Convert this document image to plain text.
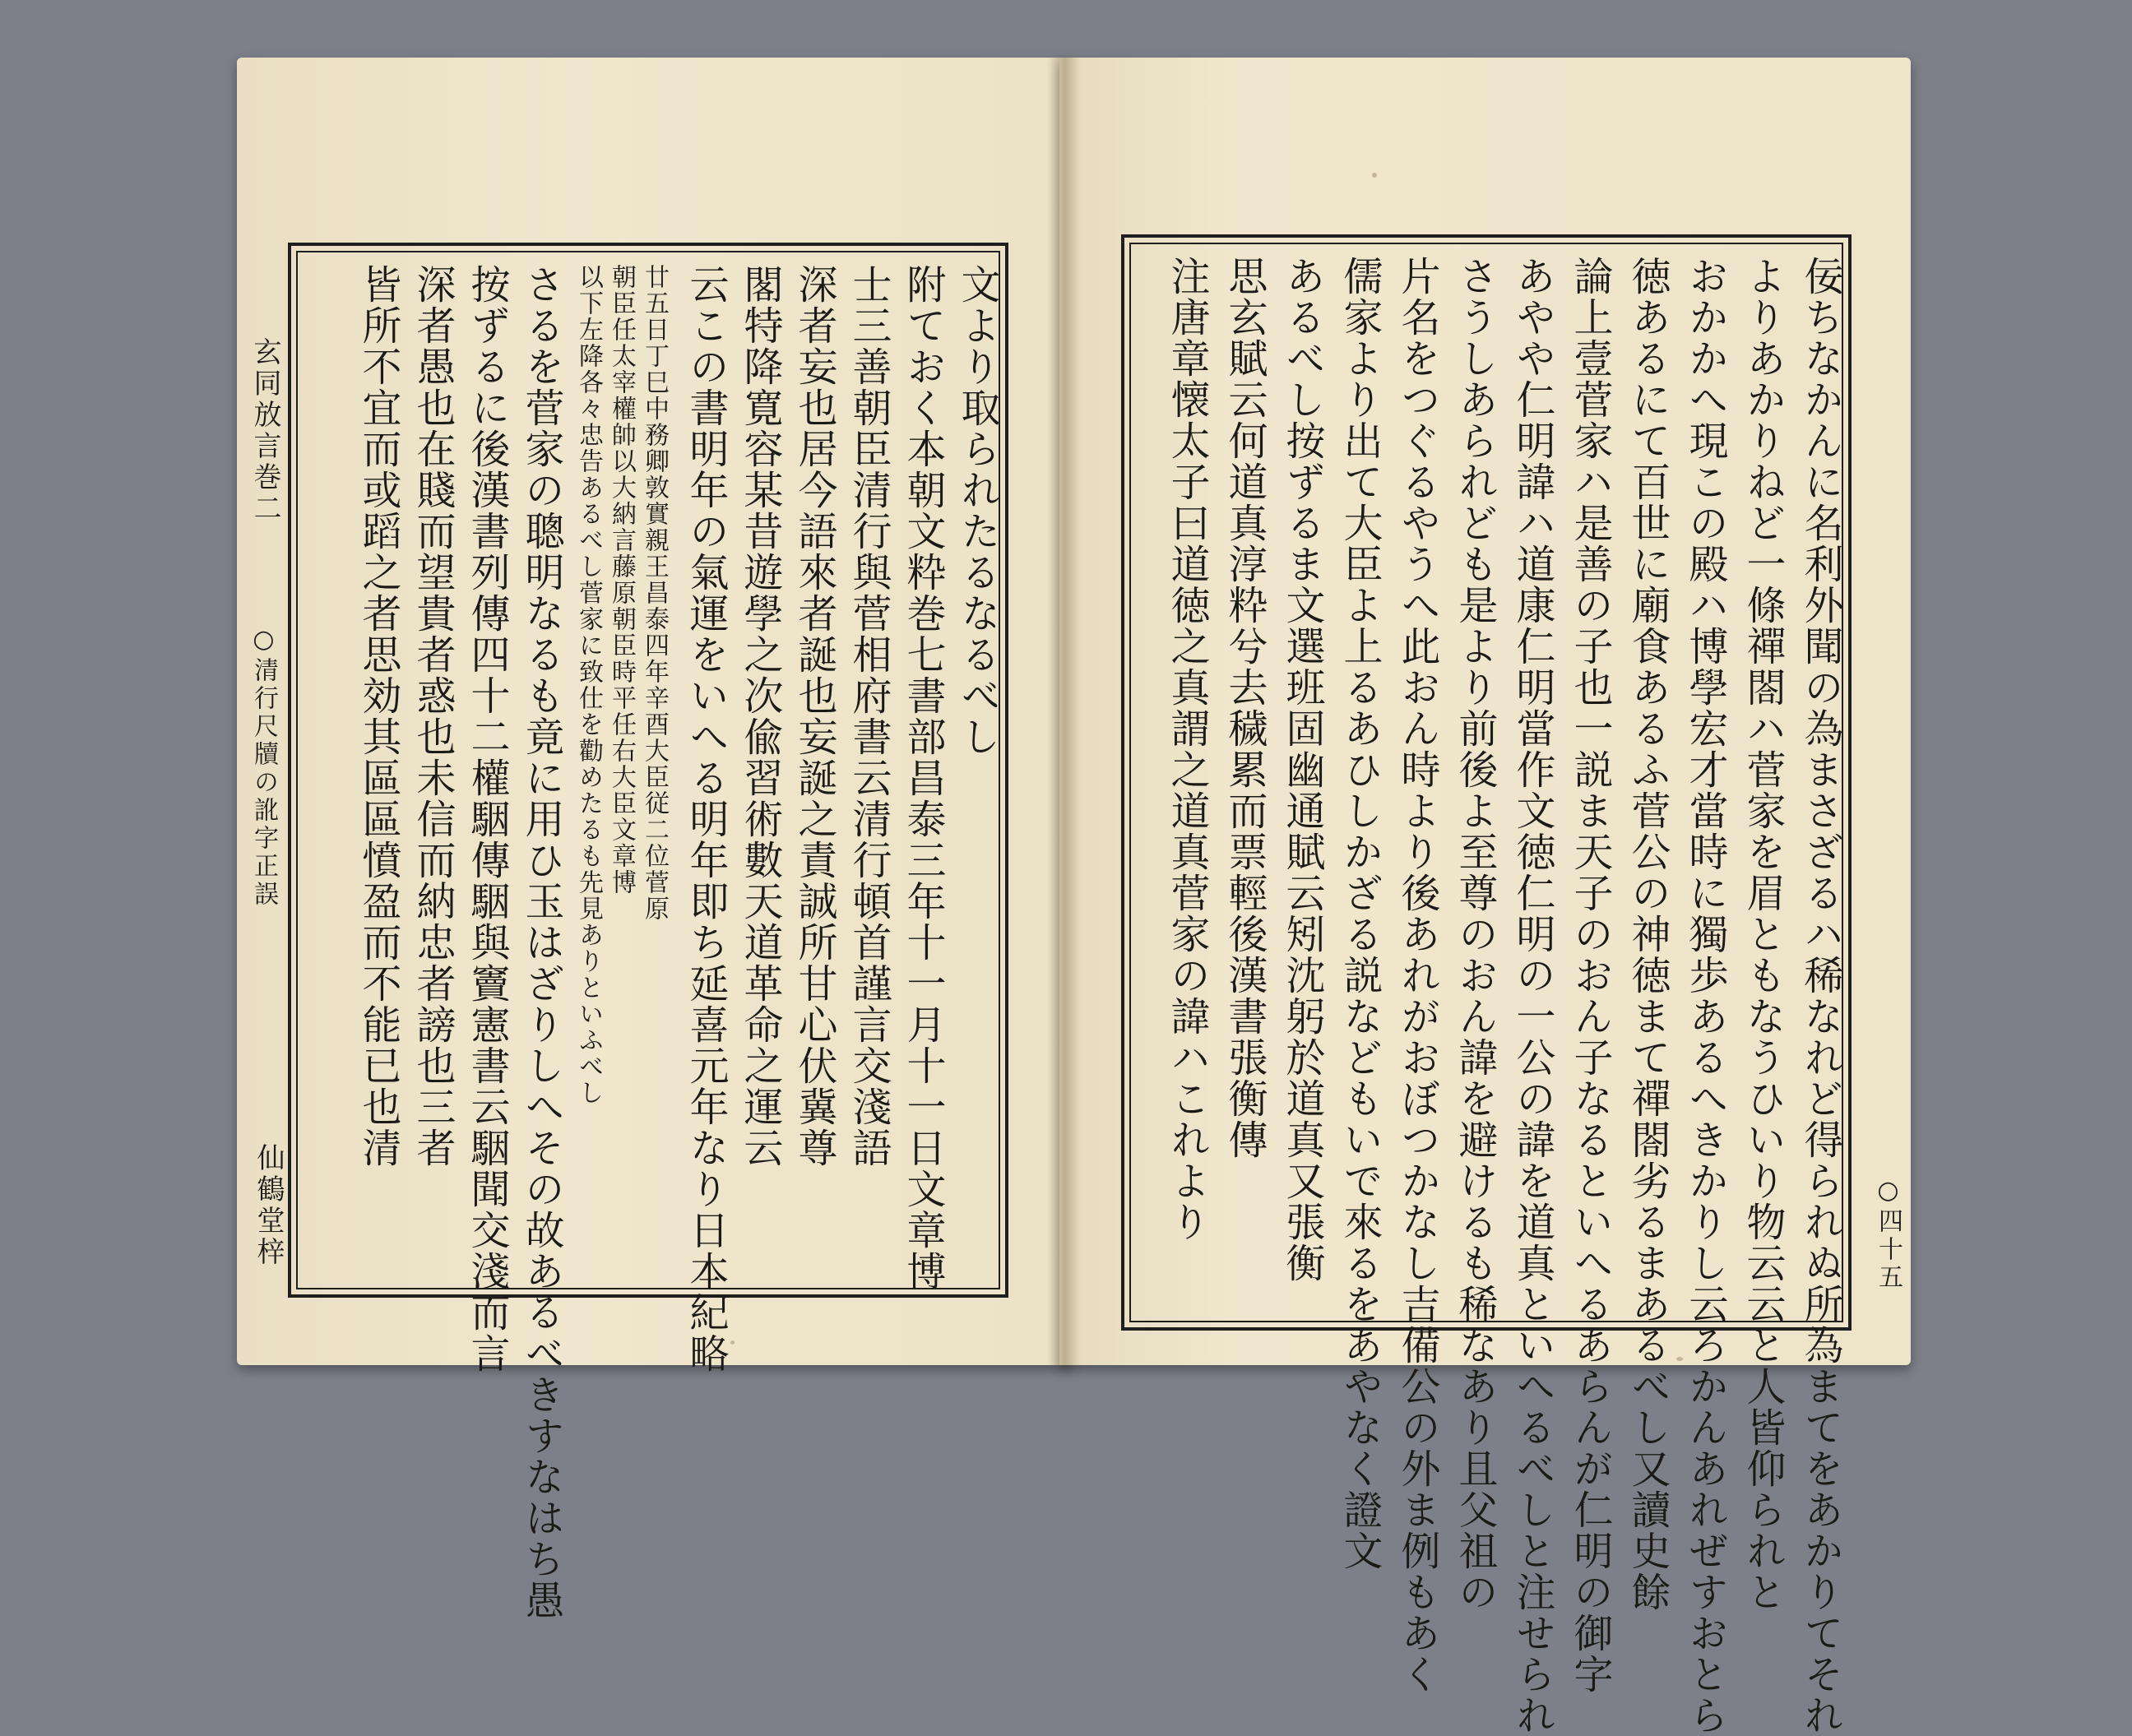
玄同放言巻二
○清行尺牘の訛字正誤
仙鶴堂梓
文より取られたるなるべし
附ておく本朝文粋巻七書部昌泰三年十一月十一日文章博
士三善朝臣清行與菅相府書云清行頓首謹言交淺語
深者妄也居今語來者誕也妄誕之責誠所甘心伏冀尊
閣特降寛容某昔遊學之次偸習術數天道革命之運云
云この書明年の氣運をいへる明年即ち延喜元年なり日本紀略
廿五日丁巳中務卿敦實親王昌泰四年辛酉大臣従二位菅原
朝臣任太宰權帥以大納言藤原朝臣時平任右大臣文章博
以下左降各々忠告あるべし菅家に致仕を勸めたるも先見ありといふべし
さるを菅家の聰明なるも竟に用ひ玉はざりしへその故あるべきすなはち愚
按ずるに後漢書列傳四十二權駰傳駰與竇憲書云駰聞交淺而言
深者愚也在賤而望貴者惑也未信而納忠者謗也三者
皆所不宜而或蹈之者思効其區區憤盈而不能已也清	佞ちなかんに名利外聞の為まさざるハ稀なれど得られぬ所為まてをあかりてそれ
よりあかりねど一條禪閤ハ菅家を眉ともなうひいり物云云と人皆仰られと
おかかへ現この殿ハ博學宏才當時に獨歩あるへきかりし云ろかんあれぜすおとら
徳あるにて百世に廟食あるふ菅公の神徳まて禪閤劣るまあるべし又讀史餘
論上壹菅家ハ是善の子也一説ま天子のおん子なるといへるあらんが仁明の御字
あやや仁明諱ハ道康仁明當作文徳仁明の一公の諱を道真といへるべしと注せられ
さうしあられども是より前後よ至尊のおん諱を避けるも稀なあり且父祖の
片名をつぐるやうへ此おん時より後あれがおぼつかなし吉備公の外ま例もあく
儒家より出て大臣よ上るあひしかざる説などもいで來るをあやなく證文
あるべし按ずるま文選班固幽通賦云矧沈躬於道真又張衡
思玄賦云何道真淳粋兮去穢累而票輕後漢書張衡傳
注唐章懐太子曰道徳之真謂之道真菅家の諱ハこれより	○四十五
